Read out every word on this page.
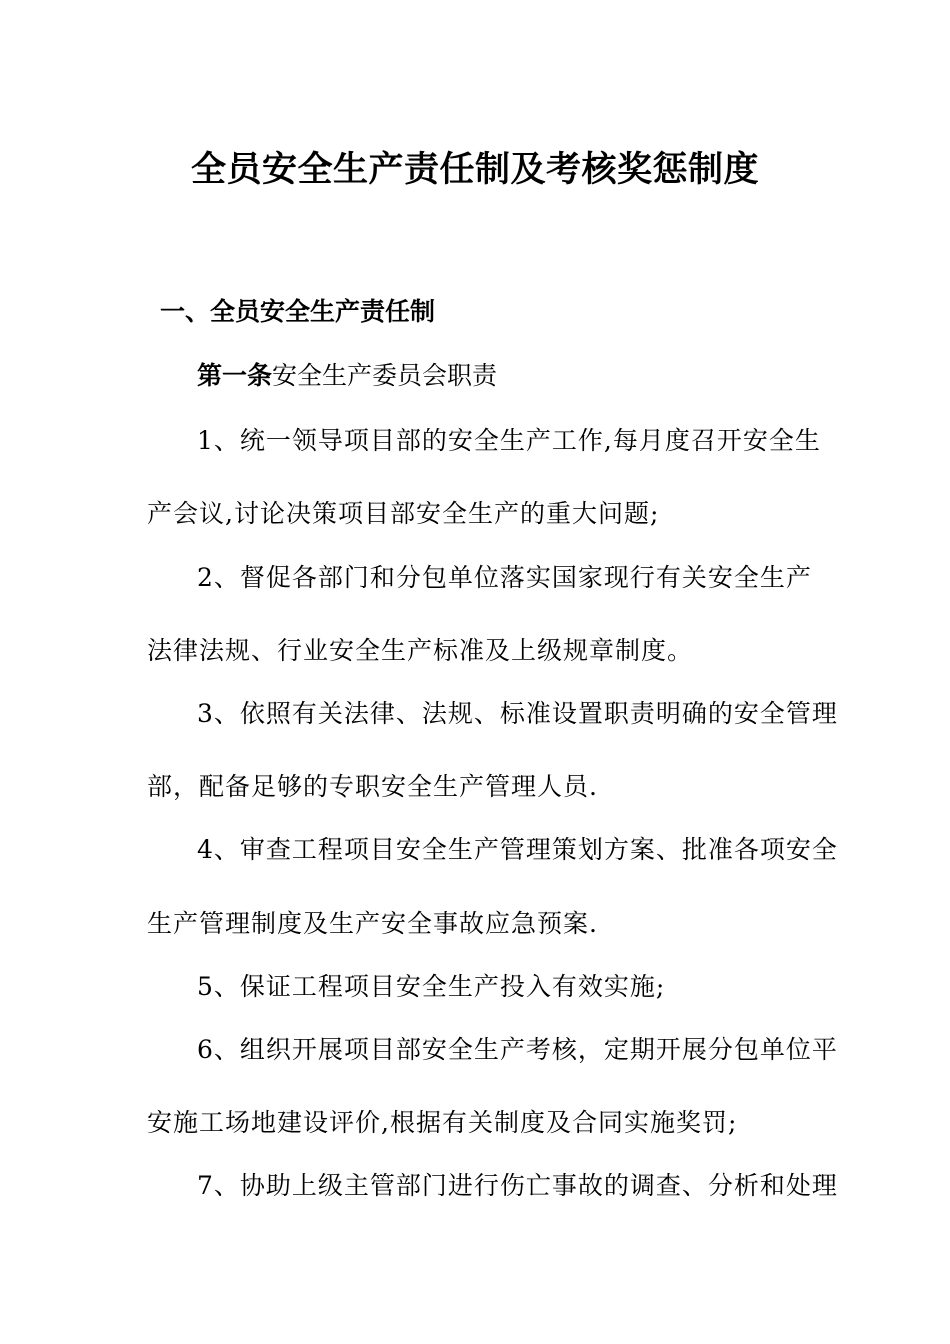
全员安全生产责任制及考核奖惩制度
一、全员安全生产责任制

第一条安全生产委员会职责

1、统一领导项目部的安全生产工作,每月度召开安全生

产会议,讨论决策项目部安全生产的重大问题;

2、督促各部门和分包单位落实国家现行有关安全生产

法律法规、行业安全生产标准及上级规章制度。

3、依照有关法律、法规、标准设置职责明确的安全管理

部，配备足够的专职安全生产管理人员.

4、审查工程项目安全生产管理策划方案、批准各项安全

生产管理制度及生产安全事故应急预案.

5、保证工程项目安全生产投入有效实施;

6、组织开展项目部安全生产考核，定期开展分包单位平

安施工场地建设评价,根据有关制度及合同实施奖罚;

7、协助上级主管部门进行伤亡事故的调查、分析和处理
